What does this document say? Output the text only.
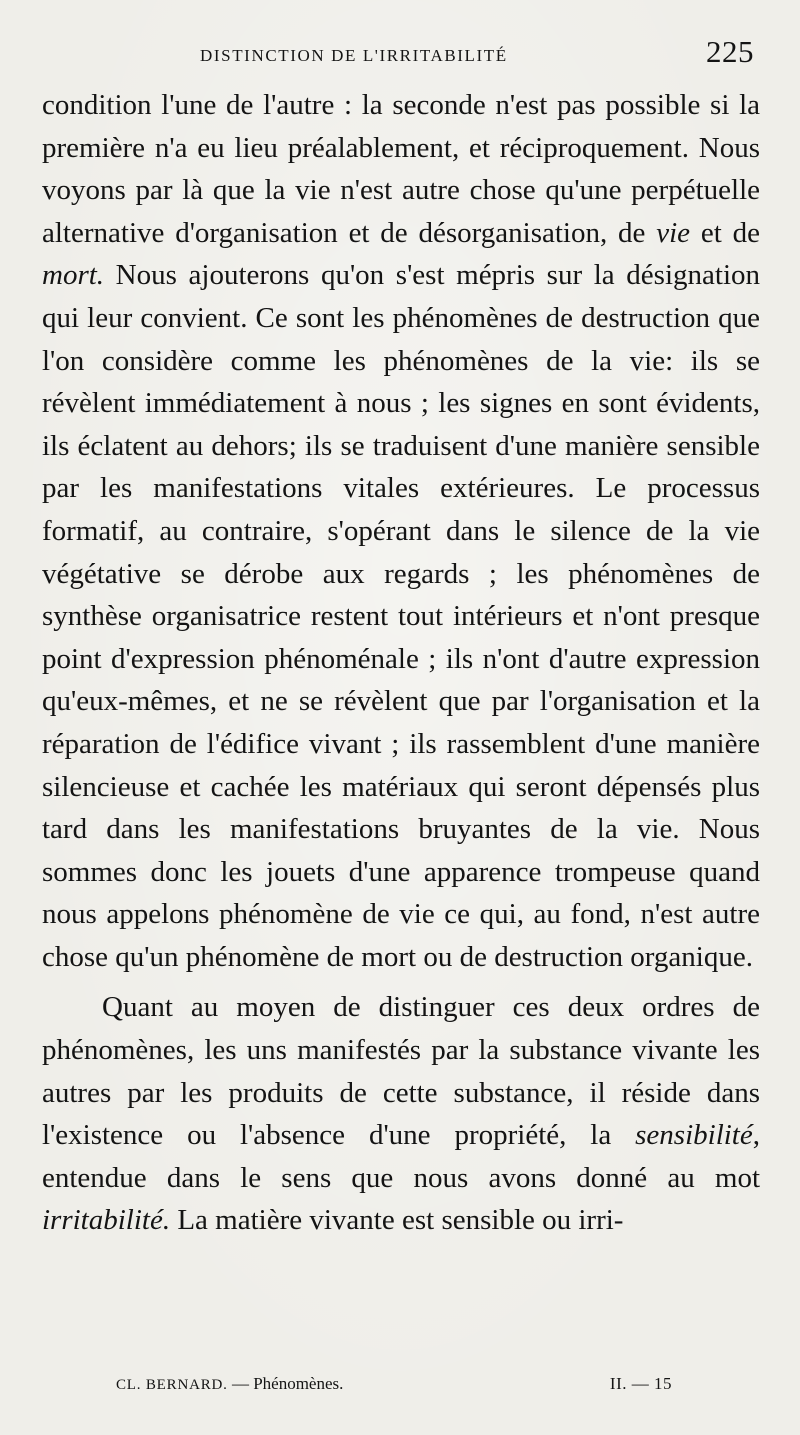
DISTINCTION DE L'IRRITABILITÉ	225

condition l'une de l'autre : la seconde n'est pas possible si la première n'a eu lieu préalablement, et réciproquement. Nous voyons par là que la vie n'est autre chose qu'une perpétuelle alternative d'organisation et de désorganisation, de vie et de mort. Nous ajouterons qu'on s'est mépris sur la désignation qui leur convient. Ce sont les phénomènes de destruction que l'on considère comme les phénomènes de la vie: ils se révèlent immédiatement à nous ; les signes en sont évidents, ils éclatent au dehors; ils se traduisent d'une manière sensible par les manifestations vitales extérieures. Le processus formatif, au contraire, s'opérant dans le silence de la vie végétative se dérobe aux regards ; les phénomènes de synthèse organisatrice restent tout intérieurs et n'ont presque point d'expression phénoménale ; ils n'ont d'autre expression qu'eux-mêmes, et ne se révèlent que par l'organisation et la réparation de l'édifice vivant ; ils rassemblent d'une manière silencieuse et cachée les matériaux qui seront dépensés plus tard dans les manifestations bruyantes de la vie. Nous sommes donc les jouets d'une apparence trompeuse quand nous appelons phénomène de vie ce qui, au fond, n'est autre chose qu'un phénomène de mort ou de destruction organique.

Quant au moyen de distinguer ces deux ordres de phénomènes, les uns manifestés par la substance vivante les autres par les produits de cette substance, il réside dans l'existence ou l'absence d'une propriété, la sensibilité, entendue dans le sens que nous avons donné au mot irritabilité. La matière vivante est sensible ou irri-

CL. BERNARD. — Phénomènes.	II. — 15
